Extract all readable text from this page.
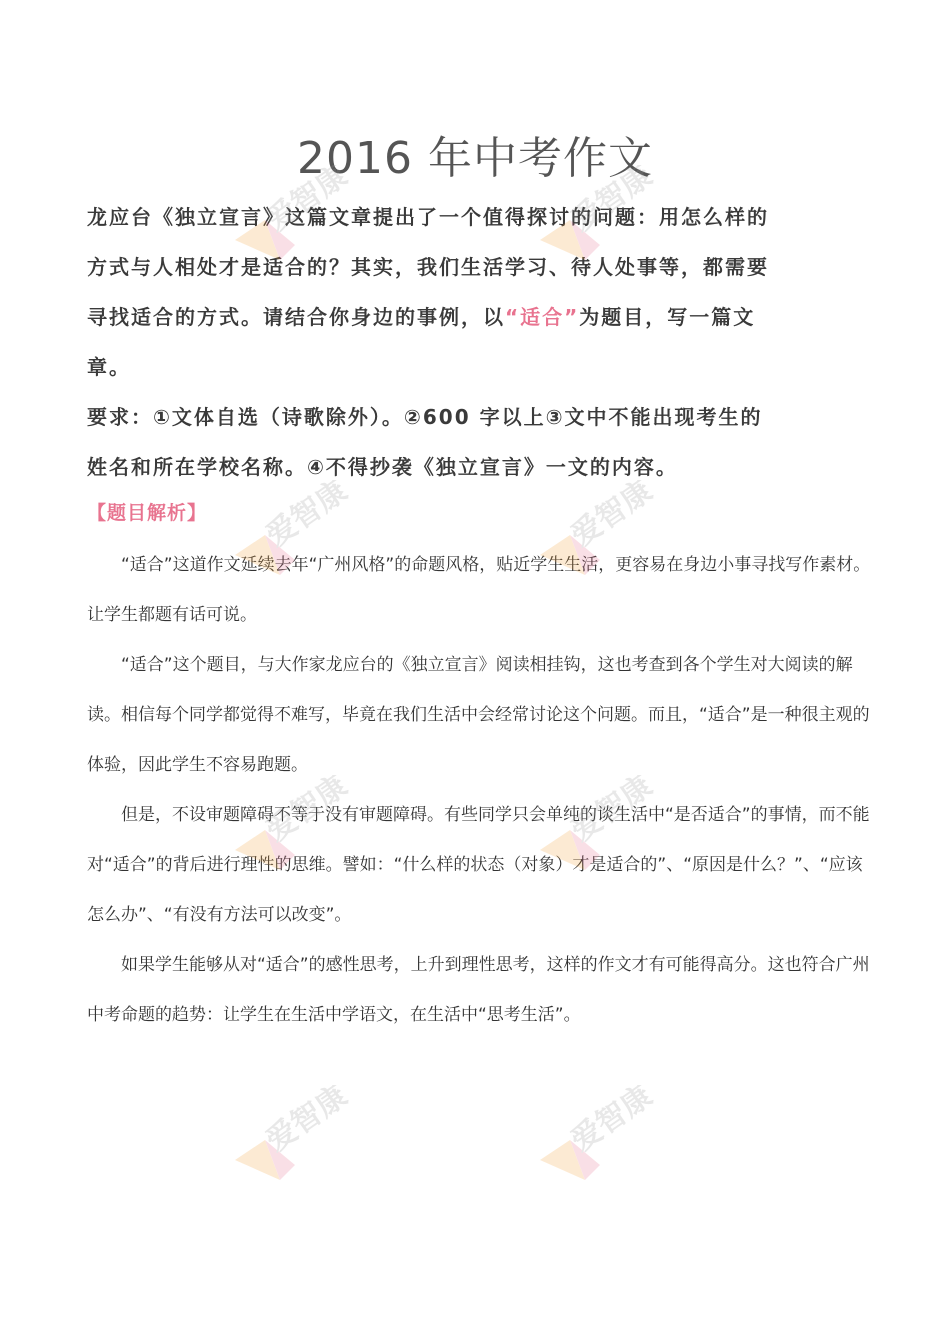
2016 年中考作文
龙应台《独立宣言》这篇文章提出了一个值得探讨的问题：用怎么样的
方式与人相处才是适合的？其实，我们生活学习、待人处事等，都需要
寻找适合的方式。请结合你身边的事例，以“适合”为题目，写一篇文
章。
要求：①文体自选（诗歌除外）。②600 字以上③文中不能出现考生的
姓名和所在学校名称。④不得抄袭《独立宣言》一文的内容。
【题目解析】

“适合”这道作文延续去年“广州风格”的命题风格，贴近学生生活，更容易在身边小事寻找写作素材。让学生都题有话可说。

“适合”这个题目，与大作家龙应台的《独立宣言》阅读相挂钩，这也考查到各个学生对大阅读的解读。相信每个同学都觉得不难写，毕竟在我们生活中会经常讨论这个问题。而且，“适合”是一种很主观的体验，因此学生不容易跑题。

但是，不设审题障碍不等于没有审题障碍。有些同学只会单纯的谈生活中“是否适合”的事情，而不能对“适合”的背后进行理性的思维。譬如：“什么样的状态（对象）才是适合的”、“原因是什么？”、“应该怎么办”、“有没有方法可以改变”。

如果学生能够从对“适合”的感性思考，上升到理性思考，这样的作文才有可能得高分。这也符合广州中考命题的趋势：让学生在生活中学语文，在生活中“思考生活”。

爱智康	爱智康
爱智康	爱智康
爱智康	爱智康
爱智康	爱智康
